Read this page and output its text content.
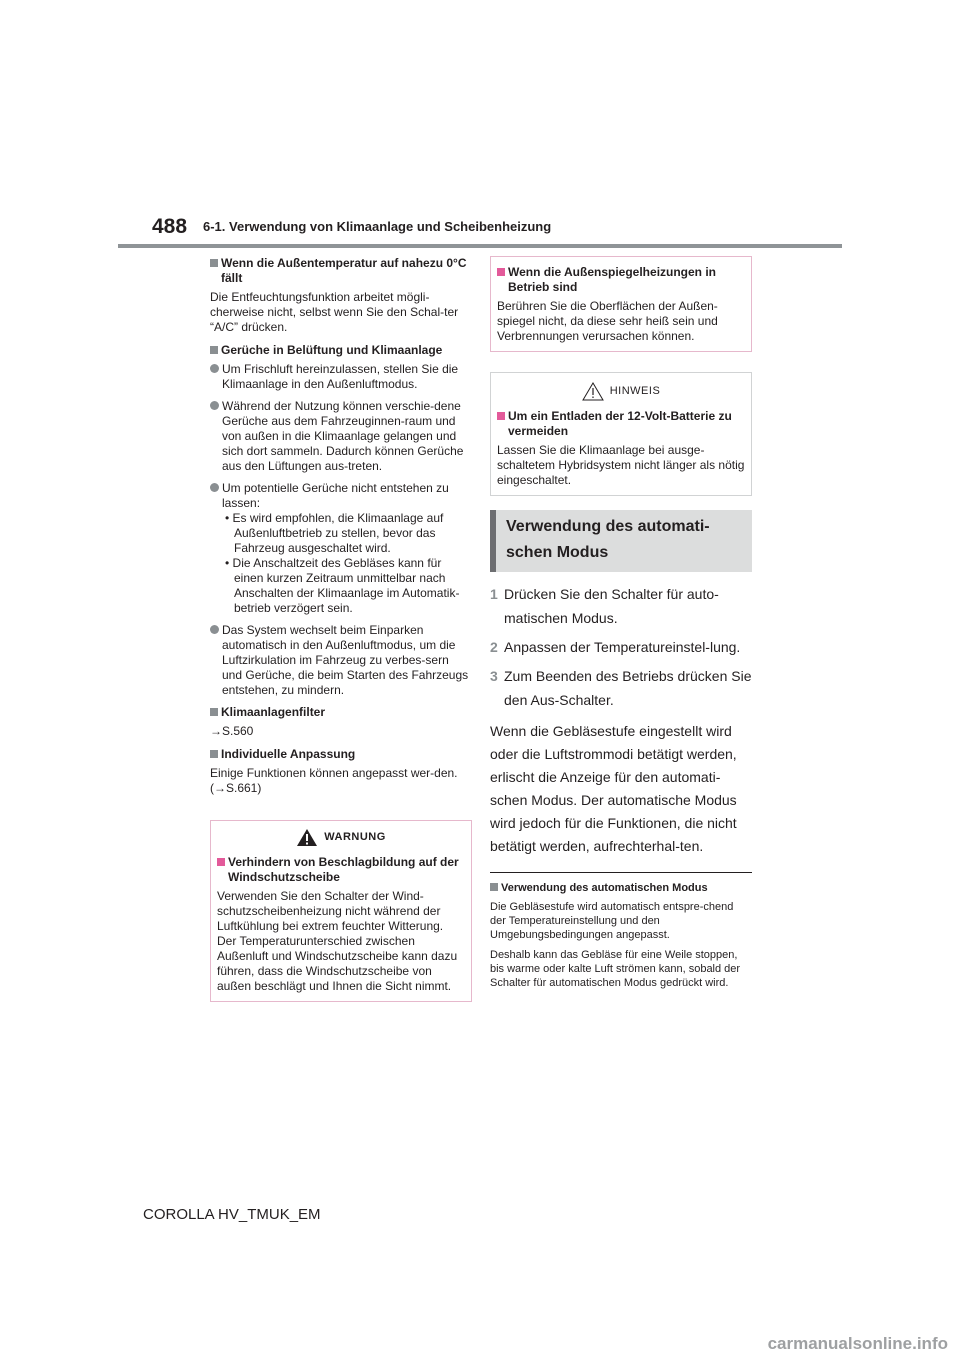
488 6-1. Verwendung von Klimaanlage und Scheibenheizung
Wenn die Außentemperatur auf nahezu 0°C fällt

Die Entfeuchtungsfunktion arbeitet mögli-cherweise nicht, selbst wenn Sie den Schal-ter “A/C” drücken.

Gerüche in Belüftung und Klimaanlage
Um Frischluft hereinzulassen, stellen Sie die Klimaanlage in den Außenluftmodus.
Während der Nutzung können verschie-dene Gerüche aus dem Fahrzeuginnen-raum und von außen in die Klimaanlage gelangen und sich dort sammeln. Dadurch können Gerüche aus den Lüftungen aus-treten.
Um potentielle Gerüche nicht entstehen zu lassen:
• Es wird empfohlen, die Klimaanlage auf Außenluftbetrieb zu stellen, bevor das Fahrzeug ausgeschaltet wird.
• Die Anschaltzeit des Gebläses kann für einen kurzen Zeitraum unmittelbar nach Anschalten der Klimaanlage im Automatik-betrieb verzögert sein.
Das System wechselt beim Einparken automatisch in den Außenluftmodus, um die Luftzirkulation im Fahrzeug zu verbes-sern und Gerüche, die beim Starten des Fahrzeugs entstehen, zu mindern.
Klimaanlagenfilter

→S.560

Individuelle Anpassung

Einige Funktionen können angepasst wer-den. (→S.661)

WARNUNG
Verhindern von Beschlagbildung auf der Windschutzscheibe

Verwenden Sie den Schalter der Wind-schutzscheibenheizung nicht während der Luftkühlung bei extrem feuchter Witterung. Der Temperaturunterschied zwischen Außenluft und Windschutzscheibe kann dazu führen, dass die Windschutzscheibe von außen beschlägt und Ihnen die Sicht nimmt.

Wenn die Außenspiegelheizungen in Betrieb sind

Berühren Sie die Oberflächen der Außen-spiegel nicht, da diese sehr heiß sein und Verbrennungen verursachen können.

HINWEIS
Um ein Entladen der 12-Volt-Batterie zu vermeiden

Lassen Sie die Klimaanlage bei ausge-schaltetem Hybridsystem nicht länger als nötig eingeschaltet.

Verwendung des automati-schen Modus
1 Drücken Sie den Schalter für auto-matischen Modus.
2 Anpassen der Temperatureinstel-lung.
3 Zum Beenden des Betriebs drücken Sie den Aus-Schalter.

Wenn die Gebläsestufe eingestellt wird oder die Luftstrommodi betätigt werden, erlischt die Anzeige für den automati-schen Modus. Der automatische Modus wird jedoch für die Funktionen, die nicht betätigt werden, aufrechterhal-ten.

Verwendung des automatischen Modus

Die Gebläsestufe wird automatisch entspre-chend der Temperatureinstellung und den Umgebungsbedingungen angepasst.

Deshalb kann das Gebläse für eine Weile stoppen, bis warme oder kalte Luft strömen kann, sobald der Schalter für automatischen Modus gedrückt wird.

COROLLA HV_TMUK_EM
carmanualsonline.info
